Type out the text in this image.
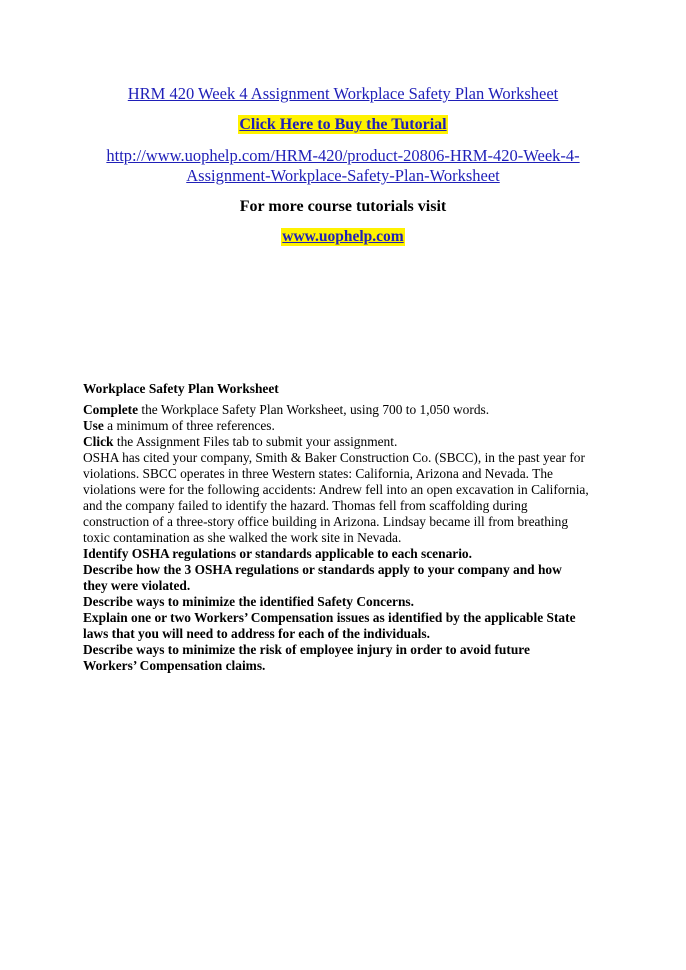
HRM 420 Week 4 Assignment Workplace Safety Plan Worksheet
Click Here to Buy the Tutorial
http://www.uophelp.com/HRM-420/product-20806-HRM-420-Week-4-
Assignment-Workplace-Safety-Plan-Worksheet
For more course tutorials visit
www.uophelp.com
Workplace Safety Plan Worksheet
Complete the Workplace Safety Plan Worksheet, using 700 to 1,050 words.
Use a minimum of three references.
Click the Assignment Files tab to submit your assignment.
OSHA has cited your company, Smith & Baker Construction Co. (SBCC), in the past year for
violations. SBCC operates in three Western states: California, Arizona and Nevada. The
violations were for the following accidents: Andrew fell into an open excavation in California,
and the company failed to identify the hazard. Thomas fell from scaffolding during
construction of a three-story office building in Arizona. Lindsay became ill from breathing
toxic contamination as she walked the work site in Nevada.
Identify OSHA regulations or standards applicable to each scenario.
Describe how the 3 OSHA regulations or standards apply to your company and how
they were violated.
Describe ways to minimize the identified Safety Concerns.
Explain one or two Workers’ Compensation issues as identified by the applicable State
laws that you will need to address for each of the individuals.
Describe ways to minimize the risk of employee injury in order to avoid future
Workers’ Compensation claims.
